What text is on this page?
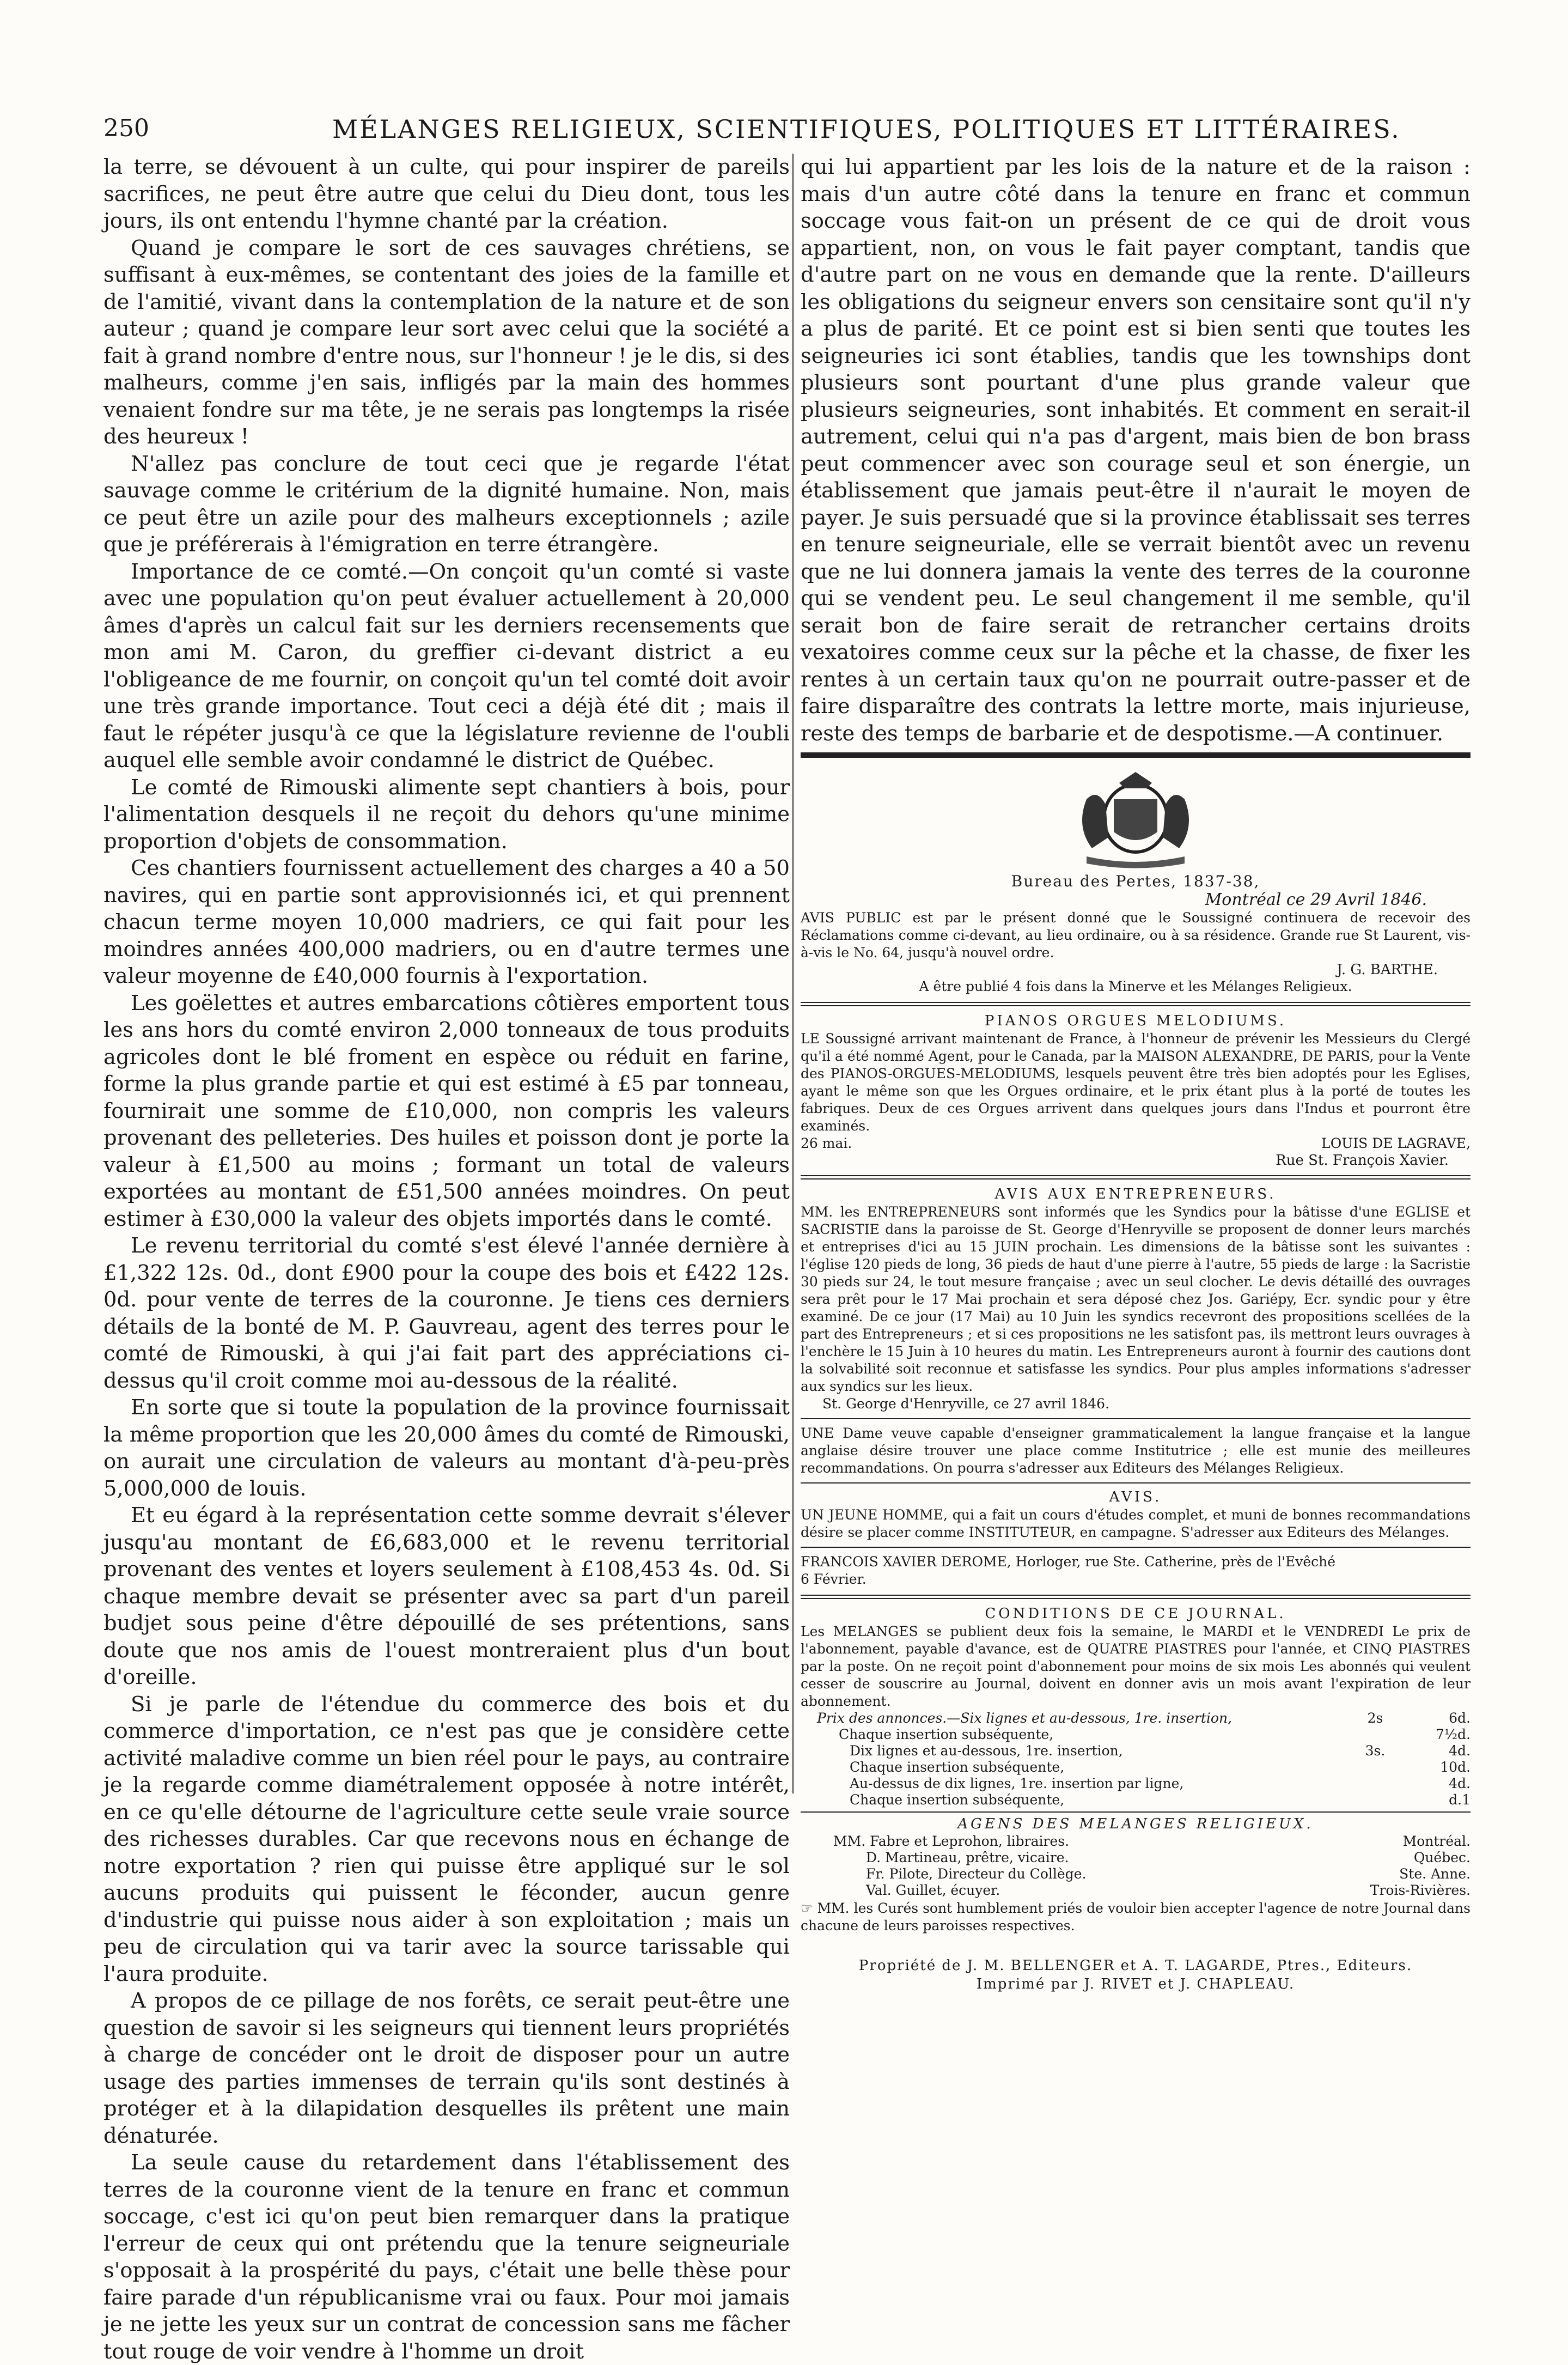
250	MÉLANGES RELIGIEUX, SCIENTIFIQUES, POLITIQUES ET LITTÉRAIRES.

la terre, se dévouent à un culte, qui pour inspirer de pareils sacrifices, ne peut être autre que celui du Dieu dont, tous les jours, ils ont entendu l'hymne chanté par la création.

Quand je compare le sort de ces sauvages chrétiens, se suffisant à eux-mêmes, se contentant des joies de la famille et de l'amitié, vivant dans la contemplation de la nature et de son auteur ; quand je compare leur sort avec celui que la société a fait à grand nombre d'entre nous, sur l'honneur ! je le dis, si des malheurs, comme j'en sais, infligés par la main des hommes venaient fondre sur ma tête, je ne serais pas longtemps la risée des heureux !

N'allez pas conclure de tout ceci que je regarde l'état sauvage comme le critérium de la dignité humaine. Non, mais ce peut être un azile pour des malheurs exceptionnels ; azile que je préférerais à l'émigration en terre étrangère.

Importance de ce comté.—On conçoit qu'un comté si vaste avec une population qu'on peut évaluer actuellement à 20,000 âmes d'après un calcul fait sur les derniers recensements que mon ami M. Caron, du greffier ci-devant district a eu l'obligeance de me fournir, on conçoit qu'un tel comté doit avoir une très grande importance. Tout ceci a déjà été dit ; mais il faut le répéter jusqu'à ce que la législature revienne de l'oubli auquel elle semble avoir condamné le district de Québec.

Le comté de Rimouski alimente sept chantiers à bois, pour l'alimentation desquels il ne reçoit du dehors qu'une minime proportion d'objets de consommation.

Ces chantiers fournissent actuellement des charges a 40 a 50 navires, qui en partie sont approvisionnés ici, et qui prennent chacun terme moyen 10,000 madriers, ce qui fait pour les moindres années 400,000 madriers, ou en d'autre termes une valeur moyenne de £40,000 fournis à l'exportation.

Les goëlettes et autres embarcations côtières emportent tous les ans hors du comté environ 2,000 tonneaux de tous produits agricoles dont le blé froment en espèce ou réduit en farine, forme la plus grande partie et qui est estimé à £5 par tonneau, fournirait une somme de £10,000, non compris les valeurs provenant des pelleteries. Des huiles et poisson dont je porte la valeur à £1,500 au moins ; formant un total de valeurs exportées au montant de £51,500 années moindres. On peut estimer à £30,000 la valeur des objets importés dans le comté.

Le revenu territorial du comté s'est élevé l'année dernière à £1,322 12s. 0d., dont £900 pour la coupe des bois et £422 12s. 0d. pour vente de terres de la couronne. Je tiens ces derniers détails de la bonté de M. P. Gauvreau, agent des terres pour le comté de Rimouski, à qui j'ai fait part des appréciations ci-dessus qu'il croit comme moi au-dessous de la réalité.

En sorte que si toute la population de la province fournissait la même proportion que les 20,000 âmes du comté de Rimouski, on aurait une circulation de valeurs au montant d'à-peu-près 5,000,000 de louis.

Et eu égard à la représentation cette somme devrait s'élever jusqu'au montant de £6,683,000 et le revenu territorial provenant des ventes et loyers seulement à £108,453 4s. 0d. Si chaque membre devait se présenter avec sa part d'un pareil budjet sous peine d'être dépouillé de ses prétentions, sans doute que nos amis de l'ouest montreraient plus d'un bout d'oreille.

Si je parle de l'étendue du commerce des bois et du commerce d'importation, ce n'est pas que je considère cette activité maladive comme un bien réel pour le pays, au contraire je la regarde comme diamétralement opposée à notre intérêt, en ce qu'elle détourne de l'agriculture cette seule vraie source des richesses durables. Car que recevons nous en échange de notre exportation ? rien qui puisse être appliqué sur le sol aucuns produits qui puissent le féconder, aucun genre d'industrie qui puisse nous aider à son exploitation ; mais un peu de circulation qui va tarir avec la source tarissable qui l'aura produite.

A propos de ce pillage de nos forêts, ce serait peut-être une question de savoir si les seigneurs qui tiennent leurs propriétés à charge de concéder ont le droit de disposer pour un autre usage des parties immenses de terrain qu'ils sont destinés à protéger et à la dilapidation desquelles ils prêtent une main dénaturée.

La seule cause du retardement dans l'établissement des terres de la couronne vient de la tenure en franc et commun soccage, c'est ici qu'on peut bien remarquer dans la pratique l'erreur de ceux qui ont prétendu que la tenure seigneuriale s'opposait à la prospérité du pays, c'était une belle thèse pour faire parade d'un républicanisme vrai ou faux. Pour moi jamais je ne jette les yeux sur un contrat de concession sans me fâcher tout rouge de voir vendre à l'homme un droit

qui lui appartient par les lois de la nature et de la raison : mais d'un autre côté dans la tenure en franc et commun soccage vous fait-on un présent de ce qui de droit vous appartient, non, on vous le fait payer comptant, tandis que d'autre part on ne vous en demande que la rente. D'ailleurs les obligations du seigneur envers son censitaire sont qu'il n'y a plus de parité. Et ce point est si bien senti que toutes les seigneuries ici sont établies, tandis que les townships dont plusieurs sont pourtant d'une plus grande valeur que plusieurs seigneuries, sont inhabités. Et comment en serait-il autrement, celui qui n'a pas d'argent, mais bien de bon brass peut commencer avec son courage seul et son énergie, un établissement que jamais peut-être il n'aurait le moyen de payer. Je suis persuadé que si la province établissait ses terres en tenure seigneuriale, elle se verrait bientôt avec un revenu que ne lui donnera jamais la vente des terres de la couronne qui se vendent peu. Le seul changement il me semble, qu'il serait bon de faire serait de retrancher certains droits vexatoires comme ceux sur la pêche et la chasse, de fixer les rentes à un certain taux qu'on ne pourrait outre-passer et de faire disparaître des contrats la lettre morte, mais injurieuse, reste des temps de barbarie et de despotisme.—A continuer.

Bureau des Pertes, 1837-38,
Montréal ce 29 Avril 1846.

AVIS PUBLIC est par le présent donné que le Soussigné continuera de recevoir des Réclamations comme ci-devant, au lieu ordinaire, ou à sa résidence. Grande rue St Laurent, vis-à-vis le No. 64, jusqu'à nouvel ordre.

J. G. BARTHE.
A être publié 4 fois dans la Minerve et les Mélanges Religieux.
PIANOS ORGUES MELODIUMS.

LE Soussigné arrivant maintenant de France, à l'honneur de prévenir les Messieurs du Clergé qu'il a été nommé Agent, pour le Canada, par la MAISON ALEXANDRE, DE PARIS, pour la Vente des PIANOS-ORGUES-MELODIUMS, lesquels peuvent être très bien adoptés pour les Eglises, ayant le même son que les Orgues ordinaire, et le prix étant plus à la porté de toutes les fabriques. Deux de ces Orgues arrivent dans quelques jours dans l'Indus et pourront être examinés.

26 mai.	LOUIS DE LAGRAVE,
Rue St. François Xavier.
AVIS AUX ENTREPRENEURS.

MM. les ENTREPRENEURS sont informés que les Syndics pour la bâtisse d'une EGLISE et SACRISTIE dans la paroisse de St. George d'Henryville se proposent de donner leurs marchés et entreprises d'ici au 15 JUIN prochain. Les dimensions de la bâtisse sont les suivantes : l'église 120 pieds de long, 36 pieds de haut d'une pierre à l'autre, 55 pieds de large : la Sacristie 30 pieds sur 24, le tout mesure française ; avec un seul clocher. Le devis détaillé des ouvrages sera prêt pour le 17 Mai prochain et sera déposé chez Jos. Gariépy, Ecr. syndic pour y être examiné. De ce jour (17 Mai) au 10 Juin les syndics recevront des propositions scellées de la part des Entrepreneurs ; et si ces propositions ne les satisfont pas, ils mettront leurs ouvrages à l'enchère le 15 Juin à 10 heures du matin. Les Entrepreneurs auront à fournir des cautions dont la solvabilité soit reconnue et satisfasse les syndics. Pour plus amples informations s'adresser aux syndics sur les lieux.

St. George d'Henryville, ce 27 avril 1846.

UNE Dame veuve capable d'enseigner grammaticalement la langue française et la langue anglaise désire trouver une place comme Institutrice ; elle est munie des meilleures recommandations. On pourra s'adresser aux Editeurs des Mélanges Religieux.

AVIS.

UN JEUNE HOMME, qui a fait un cours d'études complet, et muni de bonnes recommandations désire se placer comme INSTITUTEUR, en campagne. S'adresser aux Editeurs des Mélanges.

FRANCOIS XAVIER DEROME, Horloger, rue Ste. Catherine, près de l'Evêché

6 Février.
CONDITIONS DE CE JOURNAL.

Les MELANGES se publient deux fois la semaine, le MARDI et le VENDREDI Le prix de l'abonnement, payable d'avance, est de QUATRE PIASTRES pour l'année, et CINQ PIASTRES par la poste. On ne reçoit point d'abonnement pour moins de six mois Les abonnés qui veulent cesser de souscrire au Journal, doivent en donner avis un mois avant l'expiration de leur abonnement.

Prix des annonces.—Six lignes et au-dessous, 1re. insertion,	2s	6d.
Chaque insertion subséquente,	7½d.
Dix lignes et au-dessous, 1re. insertion,	3s.	4d.
Chaque insertion subséquente,	10d.
Au-dessus de dix lignes, 1re. insertion par ligne,	4d.
Chaque insertion subséquente,	d.1
AGENS DES MELANGES RELIGIEUX.
MM. Fabre et Leprohon, libraires.	Montréal.
D. Martineau, prêtre, vicaire.	Québec.
Fr. Pilote, Directeur du Collège.	Ste. Anne.
Val. Guillet, écuyer.	Trois-Rivières.

☞ MM. les Curés sont humblement priés de vouloir bien accepter l'agence de notre Journal dans chacune de leurs paroisses respectives.

Propriété de J. M. BELLENGER et A. T. LAGARDE, Ptres., Editeurs.
Imprimé par J. RIVET et J. CHAPLEAU.
